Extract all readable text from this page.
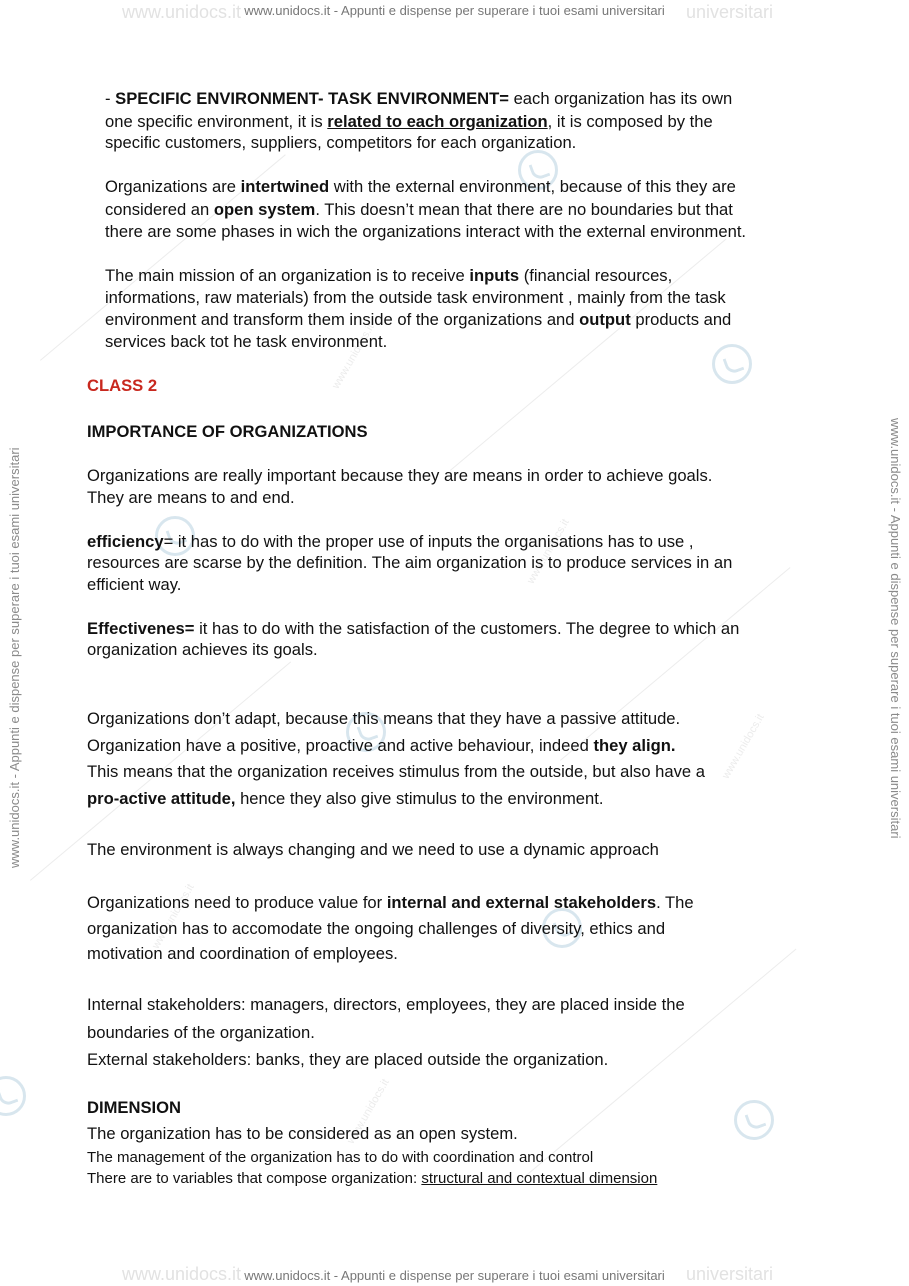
www.unidocs.it
www.unidocs.it
www.unidocs.it
www.unidocs.it
www.unidocs.it
www.unidocs.it	universitari
www.unidocs.it - Appunti e dispense per superare i tuoi esami universitari
www.unidocs.it	universitari
www.unidocs.it - Appunti e dispense per superare i tuoi esami universitari
www.unidocs.it - Appunti e dispense per superare i tuoi esami universitari	www.unidocs.it - Appunti e dispense per superare i tuoi esami universitari
- SPECIFIC ENVIRONMENT- TASK ENVIRONMENT= each organization has its own
one specific environment, it is related to each organization, it is composed by the
specific customers, suppliers, competitors for each organization.
Organizations are intertwined with the external environment, because of this they are
considered an open system. This doesn’t mean that there are no boundaries but that
there are some phases in wich the organizations interact with the external environment.
The main mission of an organization is to receive inputs (financial resources,
informations, raw materials) from the outside task environment , mainly from the task
environment and transform them inside of the organizations and output products and
services back tot he task environment.
CLASS 2
IMPORTANCE OF ORGANIZATIONS
Organizations are really important because they are means in order to achieve goals.
They are means to and end.
efficiency= it has to do with the proper use of inputs the organisations has to use ,
resources are scarse by the definition. The aim organization is to produce services in an
efficient way.
Effectivenes= it has to do with the satisfaction of the customers. The degree to which an
organization achieves its goals.
Organizations don’t adapt, because this means that they have a passive attitude.
Organization have a positive, proactive and active behaviour, indeed they align.
This means that the organization receives stimulus from the outside, but also have a
pro-active attitude, hence they also give stimulus to the environment.
The environment is always changing and we need to use a dynamic approach
Organizations need to produce value for internal and external stakeholders. The
organization has to accomodate the ongoing challenges of diversity, ethics and
motivation and coordination of employees.
Internal stakeholders: managers, directors, employees, they are placed inside the
boundaries of the organization.
External stakeholders: banks, they are placed outside the organization.
DIMENSION
The organization has to be considered as an open system.
The management of the organization has to do with coordination and control
There are to variables that compose organization: structural and contextual dimension
